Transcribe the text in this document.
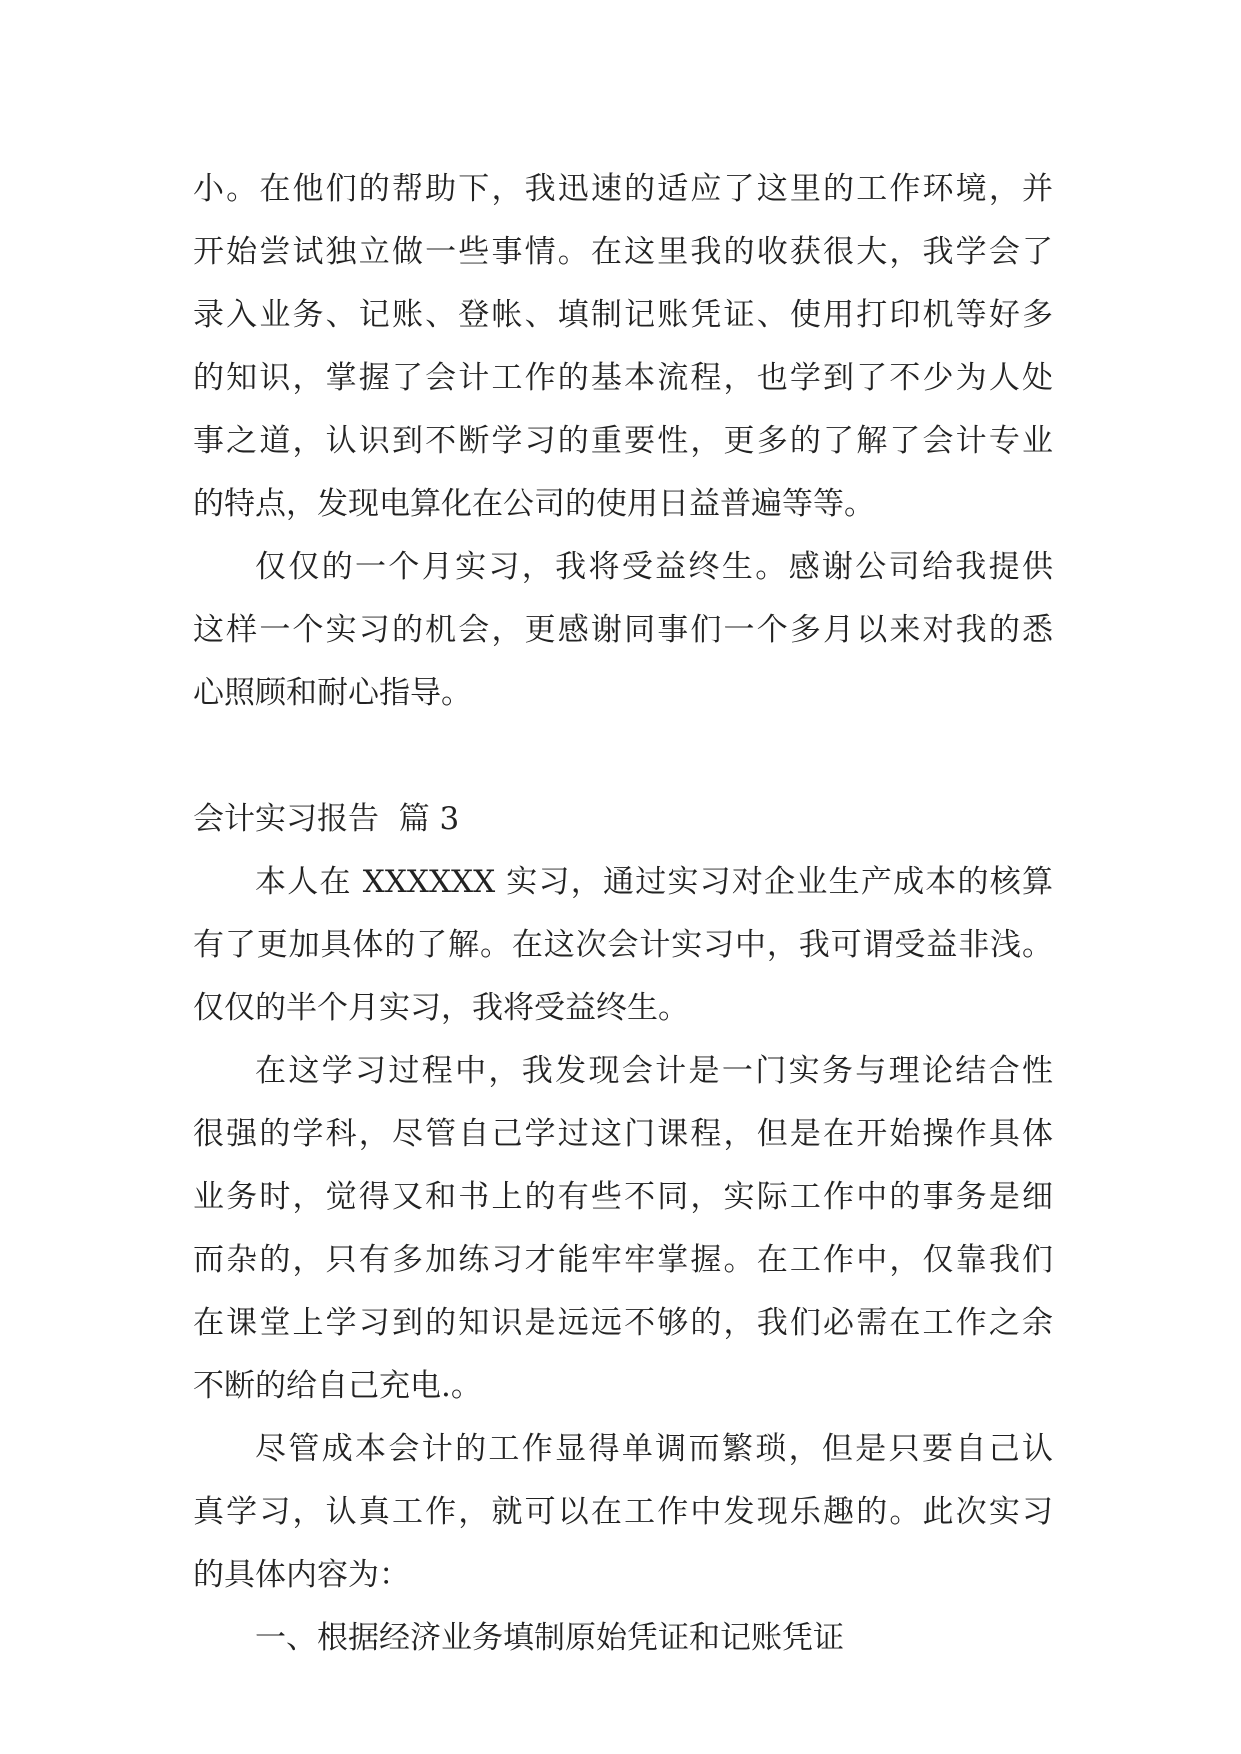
小。在他们的帮助下，我迅速的适应了这里的工作环境，并
开始尝试独立做一些事情。在这里我的收获很大，我学会了
录入业务、记账、登帐、填制记账凭证、使用打印机等好多
的知识，掌握了会计工作的基本流程，也学到了不少为人处
事之道，认识到不断学习的重要性，更多的了解了会计专业
的特点，发现电算化在公司的使用日益普遍等等。

仅仅的一个月实习，我将受益终生。感谢公司给我提供
这样一个实习的机会，更感谢同事们一个多月以来对我的悉
心照顾和耐心指导。

会计实习报告  篇 3

本人在 XXXXXX 实习，通过实习对企业生产成本的核算
有了更加具体的了解。在这次会计实习中，我可谓受益非浅。
仅仅的半个月实习，我将受益终生。

在这学习过程中，我发现会计是一门实务与理论结合性
很强的学科，尽管自己学过这门课程，但是在开始操作具体
业务时，觉得又和书上的有些不同，实际工作中的事务是细
而杂的，只有多加练习才能牢牢掌握。在工作中，仅靠我们
在课堂上学习到的知识是远远不够的，我们必需在工作之余
不断的给自己充电.。

尽管成本会计的工作显得单调而繁琐，但是只要自己认
真学习，认真工作，就可以在工作中发现乐趣的。此次实习
的具体内容为：

一、根据经济业务填制原始凭证和记账凭证
